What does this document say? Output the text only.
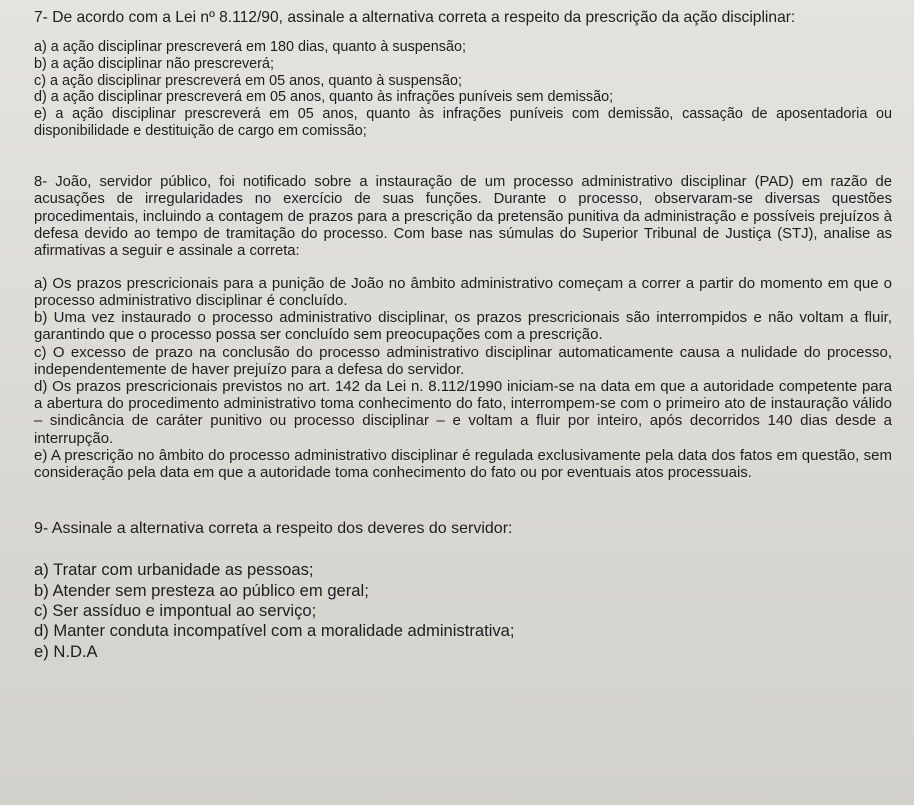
7- De acordo com a Lei nº 8.112/90, assinale a alternativa correta a respeito da prescrição da ação disciplinar:

a) a ação disciplinar prescreverá em 180 dias, quanto à suspensão;
b) a ação disciplinar não prescreverá;
c) a ação disciplinar prescreverá em 05 anos, quanto à suspensão;
d) a ação disciplinar prescreverá em 05 anos, quanto às infrações puníveis sem demissão;
e) a ação disciplinar prescreverá em 05 anos, quanto às infrações puníveis com demissão, cassação de aposentadoria ou disponibilidade e destituição de cargo em comissão;

8- João, servidor público, foi notificado sobre a instauração de um processo administrativo disciplinar (PAD) em razão de acusações de irregularidades no exercício de suas funções. Durante o processo, observaram-se diversas questões procedimentais, incluindo a contagem de prazos para a prescrição da pretensão punitiva da administração e possíveis prejuízos à defesa devido ao tempo de tramitação do processo. Com base nas súmulas do Superior Tribunal de Justiça (STJ), analise as afirmativas a seguir e assinale a correta:

a) Os prazos prescricionais para a punição de João no âmbito administrativo começam a correr a partir do momento em que o processo administrativo disciplinar é concluído.
b) Uma vez instaurado o processo administrativo disciplinar, os prazos prescricionais são interrompidos e não voltam a fluir, garantindo que o processo possa ser concluído sem preocupações com a prescrição.
c) O excesso de prazo na conclusão do processo administrativo disciplinar automaticamente causa a nulidade do processo, independentemente de haver prejuízo para a defesa do servidor.
d) Os prazos prescricionais previstos no art. 142 da Lei n. 8.112/1990 iniciam-se na data em que a autoridade competente para a abertura do procedimento administrativo toma conhecimento do fato, interrompem-se com o primeiro ato de instauração válido – sindicância de caráter punitivo ou processo disciplinar – e voltam a fluir por inteiro, após decorridos 140 dias desde a interrupção.
e) A prescrição no âmbito do processo administrativo disciplinar é regulada exclusivamente pela data dos fatos em questão, sem consideração pela data em que a autoridade toma conhecimento do fato ou por eventuais atos processuais.

9- Assinale a alternativa correta a respeito dos deveres do servidor:

a) Tratar com urbanidade as pessoas;
b) Atender sem presteza ao público em geral;
c) Ser assíduo e impontual ao serviço;
d) Manter conduta incompatível com a moralidade administrativa;
e) N.D.A
